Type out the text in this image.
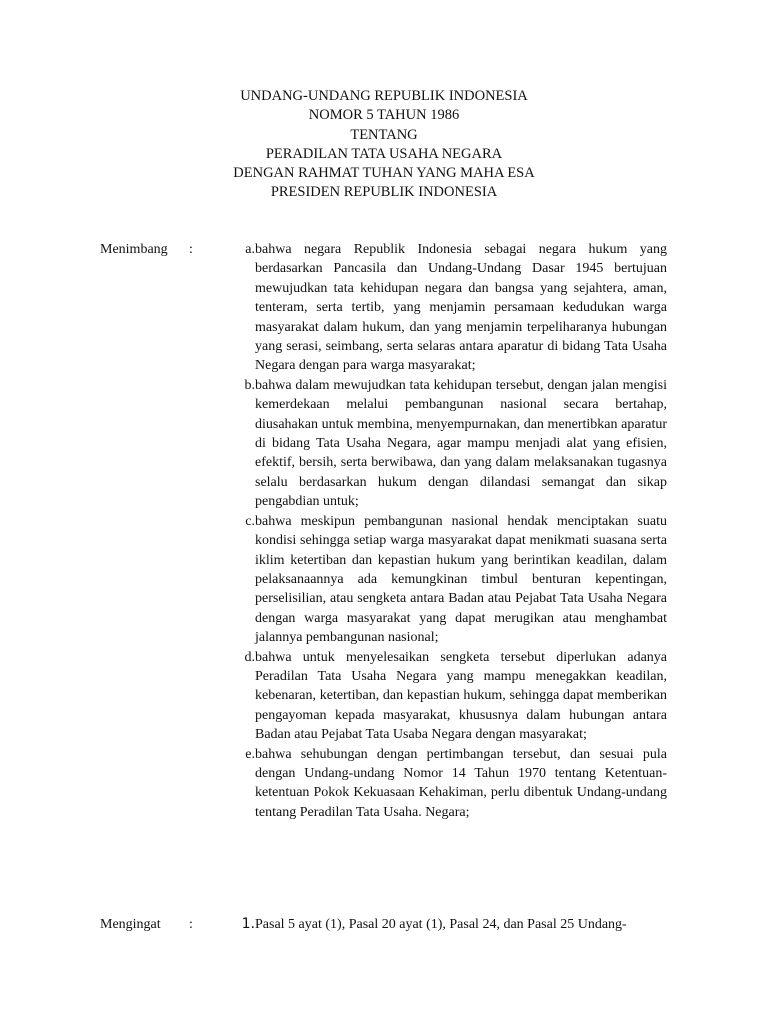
UNDANG-UNDANG REPUBLIK INDONESIA
NOMOR 5 TAHUN 1986
TENTANG
PERADILAN TATA USAHA NEGARA
DENGAN RAHMAT TUHAN YANG MAHA ESA
PRESIDEN REPUBLIK INDONESIA
Menimbang :	a. bahwa negara Republik Indonesia sebagai negara hukum yang berdasarkan Pancasila dan Undang-Undang Dasar 1945 bertujuan mewujudkan tata kehidupan negara dan bangsa yang sejahtera, aman, tenteram, serta tertib, yang menjamin persamaan kedudukan warga masyarakat dalam hukum, dan yang menjamin terpeliharanya hubungan yang serasi, seimbang, serta selaras antara aparatur di bidang Tata Usaha Negara dengan para warga masyarakat;
b. bahwa dalam mewujudkan tata kehidupan tersebut, dengan jalan mengisi kemerdekaan melalui pembangunan nasional secara bertahap, diusahakan untuk membina, menyempurnakan, dan menertibkan aparatur di bidang Tata Usaha Negara, agar mampu menjadi alat yang efisien, efektif, bersih, serta berwibawa, dan yang dalam melaksanakan tugasnya selalu berdasarkan hukum dengan dilandasi semangat dan sikap pengabdian untuk;
c. bahwa meskipun pembangunan nasional hendak menciptakan suatu kondisi sehingga setiap warga masyarakat dapat menikmati suasana serta iklim ketertiban dan kepastian hukum yang berintikan keadilan, dalam pelaksanaannya ada kemungkinan timbul benturan kepentingan, perselisilian, atau sengketa antara Badan atau Pejabat Tata Usaha Negara dengan warga masyarakat yang dapat merugikan atau menghambat jalannya pembangunan nasional;
d. bahwa untuk menyelesaikan sengketa tersebut diperlukan adanya Peradilan Tata Usaha Negara yang mampu menegakkan keadilan, kebenaran, ketertiban, dan kepastian hukum, sehingga dapat memberikan pengayoman kepada masyarakat, khususnya dalam hubungan antara Badan atau Pejabat Tata Usaba Negara dengan masyarakat;
e. bahwa sehubungan dengan pertimbangan tersebut, dan sesuai pula dengan Undang-undang Nomor 14 Tahun 1970 tentang Ketentuan-ketentuan Pokok Kekuasaan Kehakiman, perlu dibentuk Undang-undang tentang Peradilan Tata Usaha. Negara;
Mengingat :	1. Pasal 5 ayat (1), Pasal 20 ayat (1), Pasal 24, dan Pasal 25 Undang-
